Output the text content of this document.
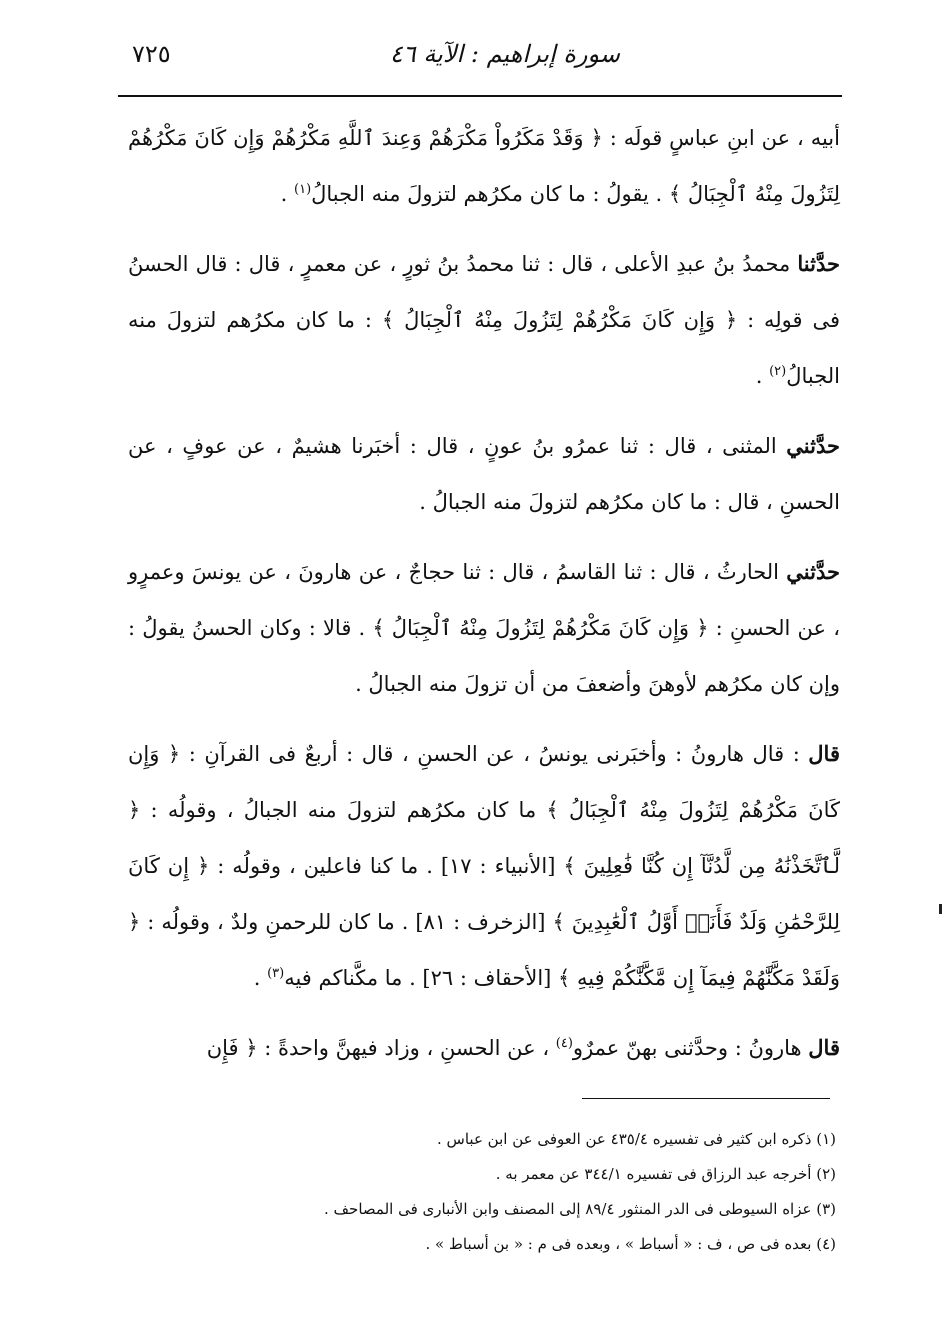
٧٢٥	سورة إبراهيم : الآية ٤٦

أبيه ، عن ابنِ عباسٍ قولَه : ﴿ وَقَدْ مَكَرُواْ مَكْرَهُمْ وَعِندَ ٱللَّهِ مَكْرُهُمْ وَإِن كَانَ مَكْرُهُمْ لِتَزُولَ مِنْهُ ٱلْجِبَالُ ﴾ . يقولُ : ما كان مكرُهم لتزولَ منه الجبالُ$^{(١)}$ .

حدَّثنا محمدُ بنُ عبدِ الأعلى ، قال : ثنا محمدُ بنُ ثورٍ ، عن معمرٍ ، قال : قال الحسنُ فى قولِه : ﴿ وَإِن كَانَ مَكْرُهُمْ لِتَزُولَ مِنْهُ ٱلْجِبَالُ ﴾ : ما كان مكرُهم لتزولَ منه الجبالُ$^{(٢)}$ .

حدَّثني المثنى ، قال : ثنا عمرُو بنُ عونٍ ، قال : أخبَرنا هشيمٌ ، عن عوفٍ ، عن الحسنِ ، قال : ما كان مكرُهم لتزولَ منه الجبالُ .

حدَّثني الحارثُ ، قال : ثنا القاسمُ ، قال : ثنا حجاجٌ ، عن هارونَ ، عن يونسَ وعمرٍو ، عن الحسنِ : ﴿ وَإِن كَانَ مَكْرُهُمْ لِتَزُولَ مِنْهُ ٱلْجِبَالُ ﴾ . قالا : وكان الحسنُ يقولُ : وإن كان مكرُهم لأوهنَ وأضعفَ من أن تزولَ منه الجبالُ .

قال : قال هارونُ : وأخبَرنى يونسُ ، عن الحسنِ ، قال : أربعٌ فى القرآنِ : ﴿ وَإِن كَانَ مَكْرُهُمْ لِتَزُولَ مِنْهُ ٱلْجِبَالُ ﴾ ما كان مكرُهم لتزولَ منه الجبالُ ، وقولُه : ﴿ لَّٱتَّخَذْنَٰهُ مِن لَّدُنَّآ إِن كُنَّا فَٰعِلِينَ ﴾ [الأنبياء : ١٧] . ما كنا فاعلين ، وقولُه : ﴿ إِن كَانَ لِلرَّحْمَٰنِ وَلَدٌ فَأَنَا۠ أَوَّلُ ٱلْعَٰبِدِينَ ﴾ [الزخرف : ٨١] . ما كان للرحمنِ ولدٌ ، وقولُه : ﴿ وَلَقَدْ مَكَّنَّٰهُمْ فِيمَآ إِن مَّكَّنَّٰكُمْ فِيهِ ﴾ [الأحقاف : ٢٦] . ما مكَّناكم فيه$^{(٣)}$ .

قال هارونُ : وحدَّثنى بهنّ عمرٌو$^{(٤)}$ ، عن الحسنِ ، وزاد فيهنَّ واحدةً : ﴿ فَإِن

(١) ذكره ابن كثير فى تفسيره ٤٣٥/٤ عن العوفى عن ابن عباس .

(٢) أخرجه عبد الرزاق فى تفسيره ٣٤٤/١ عن معمر به .

(٣) عزاه السيوطى فى الدر المنثور ٨٩/٤ إلى المصنف وابن الأنبارى فى المصاحف .

(٤) بعده فى ص ، ف : « أسباط » ، وبعده فى م : « بن أسباط » .
